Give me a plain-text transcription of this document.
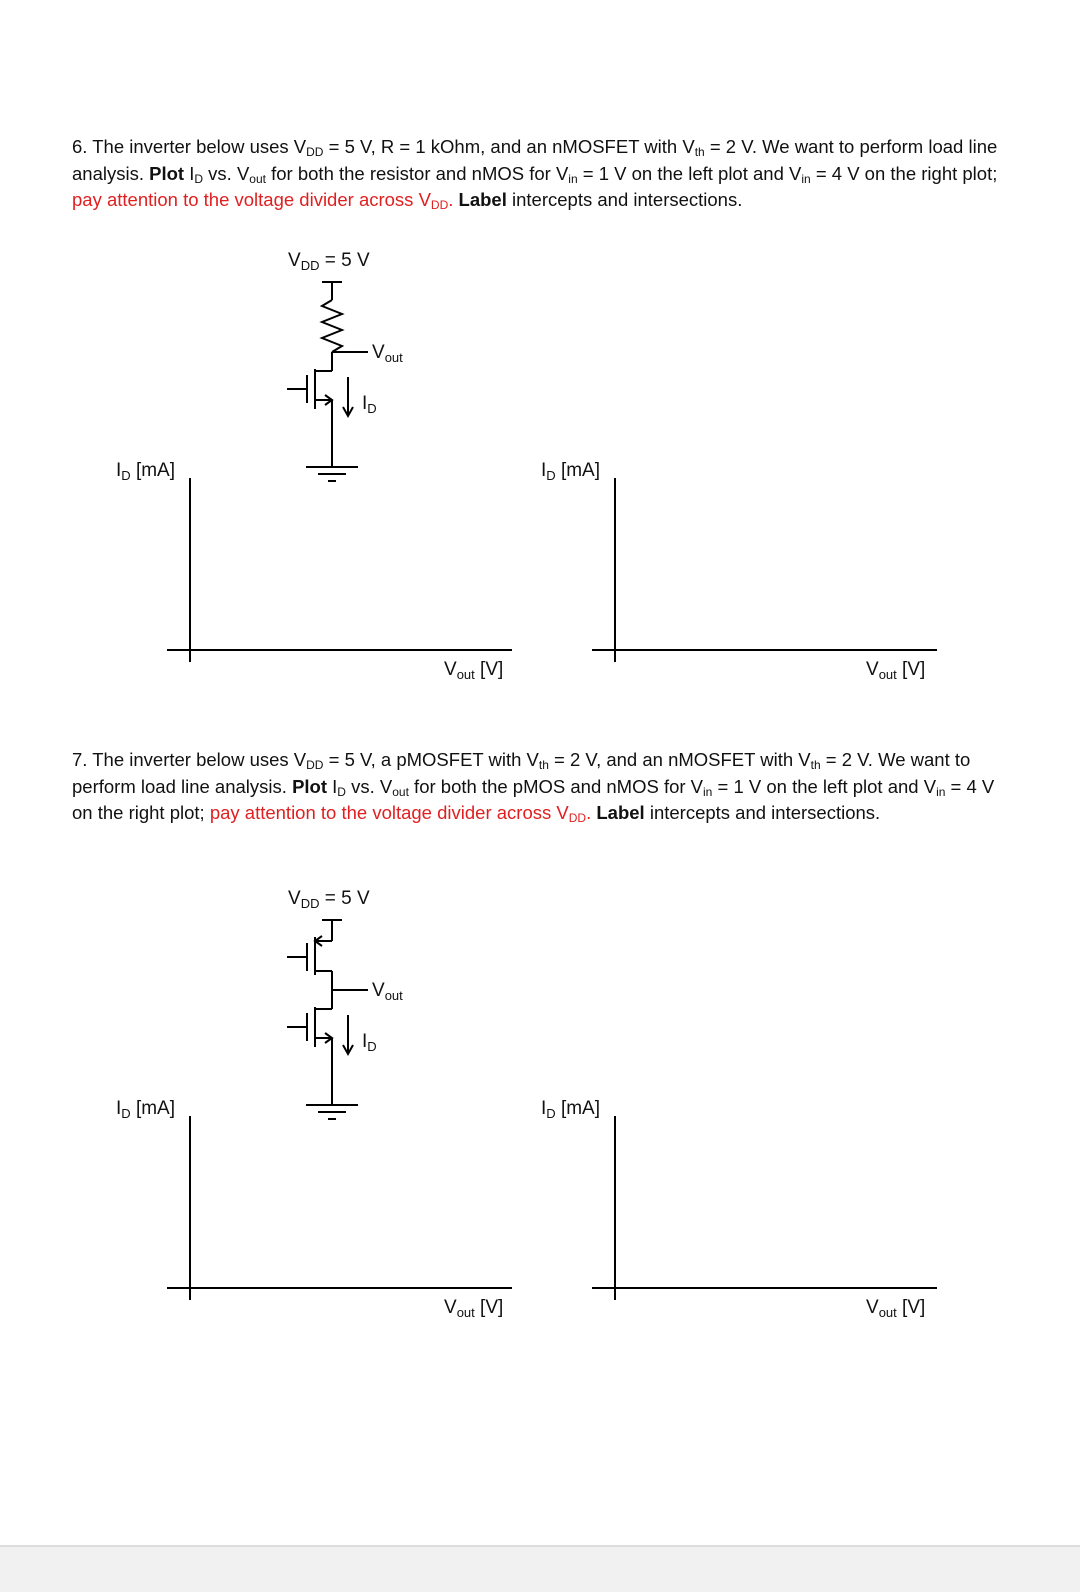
6. The inverter below uses $V_{DD} = 5$ V, R = 1 kOhm, and an nMOSFET with $V_{th} = 2$ V. We want to perform load line analysis. Plot $I_D$ vs. $V_{out}$ for both the resistor and nMOS for $V_{in} = 1$ V on the left plot and $V_{in} = 4$ V on the right plot; pay attention to the voltage divider across $V_{DD}$. Label intercepts and intersections.
$V_{DD} = 5$ V
$V_{out}$
$I_D$
$I_D$ [mA]
$V_{out}$ [V]
$I_D$ [mA]
$V_{out}$ [V]
7. The inverter below uses $V_{DD} = 5$ V, a pMOSFET with $V_{th} = 2$ V, and an nMOSFET with $V_{th} = 2$ V. We want to perform load line analysis. Plot $I_D$ vs. $V_{out}$ for both the pMOS and nMOS for $V_{in} = 1$ V on the left plot and $V_{in} = 4$ V on the right plot; pay attention to the voltage divider across $V_{DD}$. Label intercepts and intersections.
$V_{DD} = 5$ V
$V_{out}$
$I_D$
$I_D$ [mA]
$V_{out}$ [V]
$I_D$ [mA]
$V_{out}$ [V]
